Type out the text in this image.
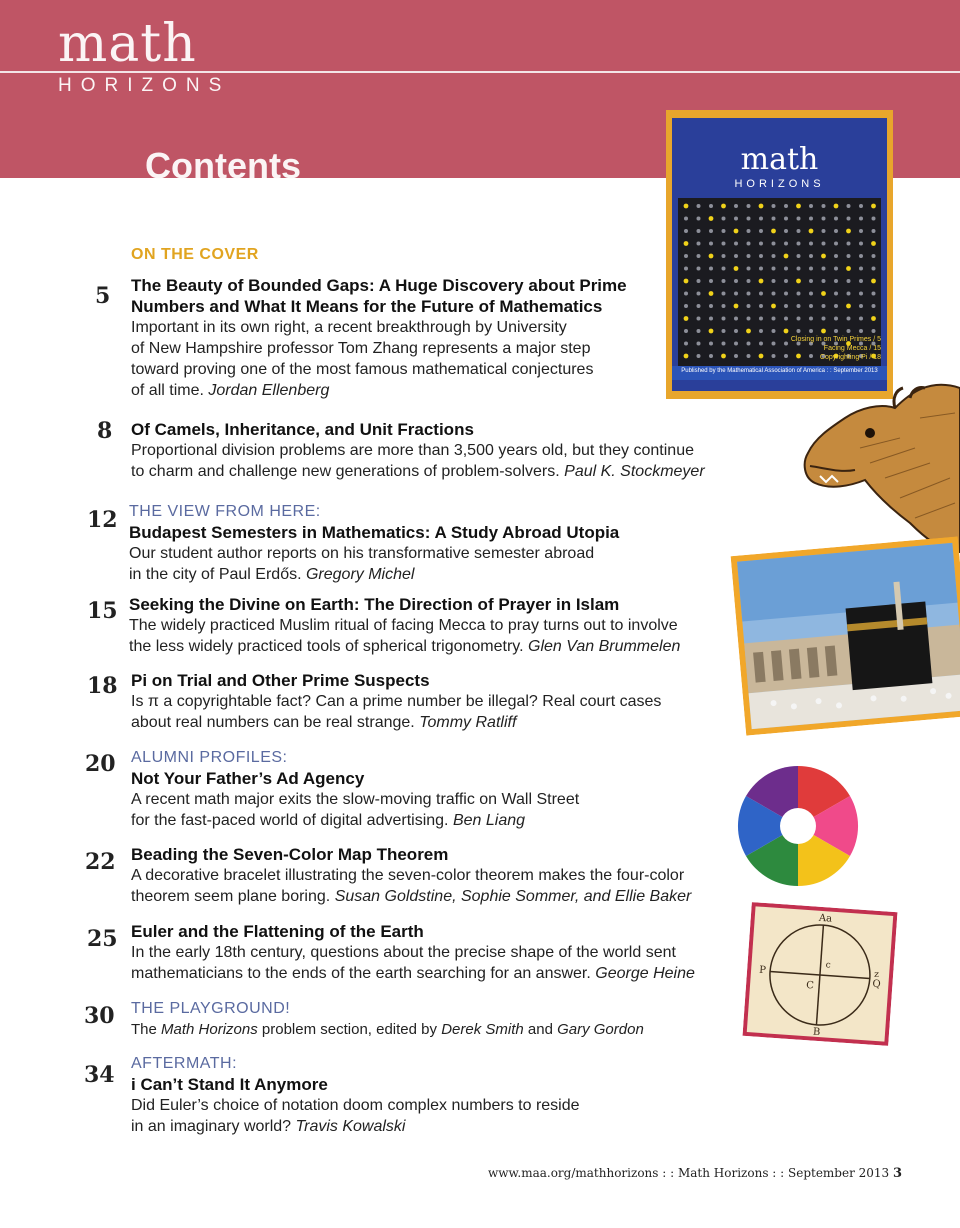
math
HORIZONS
Contents	math
HORIZONS
Closing in on Twin Primes / 5
Facing Mecca / 15
Copyrighting Pi / 18
Published by the Mathematical Association of America : : September 2013
Aa
P
C
c
Q
z
B
5
ON THE COVER
The Beauty of Bounded Gaps: A Huge Discovery about Prime
Numbers and What It Means for the Future of Mathematics
Important in its own right, a recent breakthrough by University
of New Hampshire professor Tom Zhang represents a major step
toward proving one of the most famous mathematical conjectures
of all time. Jordan Ellenberg
8 Of Camels, Inheritance, and Unit Fractions
Proportional division problems are more than 3,500 years old, but they continue
to charm and challenge new generations of problem-solvers. Paul K. Stockmeyer
12 THE VIEW FROM HERE:
Budapest Semesters in Mathematics: A Study Abroad Utopia
Our student author reports on his transformative semester abroad
in the city of Paul Erdős. Gregory Michel
15 Seeking the Divine on Earth: The Direction of Prayer in Islam
The widely practiced Muslim ritual of facing Mecca to pray turns out to involve
the less widely practiced tools of spherical trigonometry. Glen Van Brummelen
18 Pi on Trial and Other Prime Suspects
Is π a copyrightable fact? Can a prime number be illegal? Real court cases
about real numbers can be real strange. Tommy Ratliff
20 ALUMNI PROFILES:
Not Your Father’s Ad Agency
A recent math major exits the slow-moving traffic on Wall Street
for the fast-paced world of digital advertising. Ben Liang
22 Beading the Seven-Color Map Theorem
A decorative bracelet illustrating the seven-color theorem makes the four-color
theorem seem plane boring. Susan Goldstine, Sophie Sommer, and Ellie Baker
25 Euler and the Flattening of the Earth
In the early 18th century, questions about the precise shape of the world sent
mathematicians to the ends of the earth searching for an answer. George Heine
30 THE PLAYGROUND!
The Math Horizons problem section, edited by Derek Smith and Gary Gordon
34 AFTERMATH:
i Can’t Stand It Anymore
Did Euler’s choice of notation doom complex numbers to reside
in an imaginary world? Travis Kowalski
www.maa.org/mathhorizons : : Math Horizons : : September 2013 3
